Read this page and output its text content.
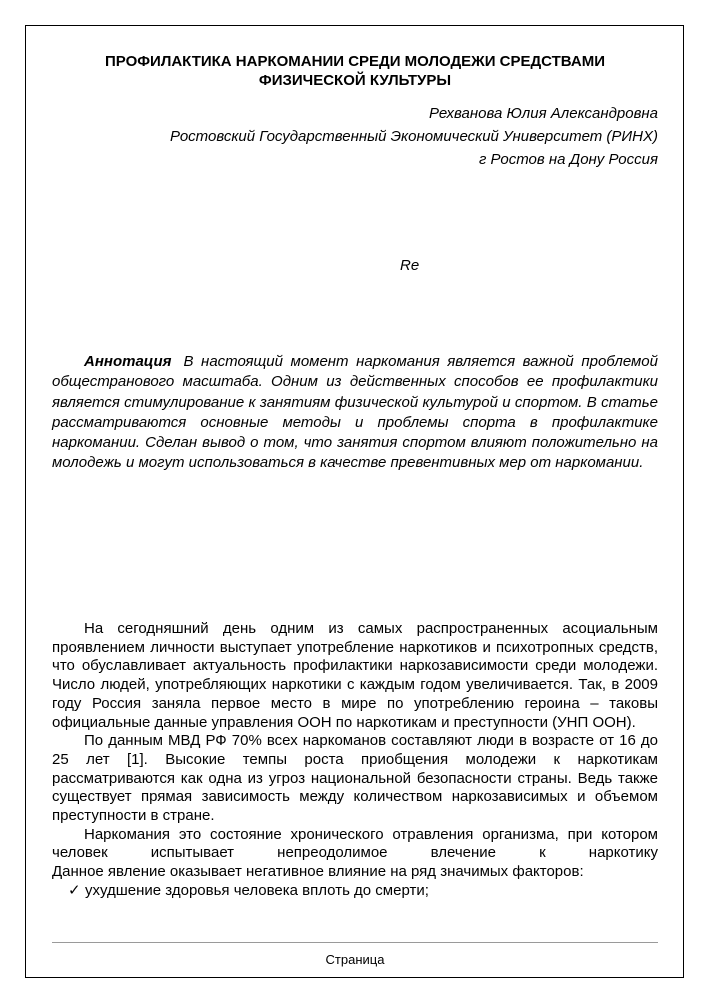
ПРОФИЛАКТИКА НАРКОМАНИИ СРЕДИ МОЛОДЕЖИ СРЕДСТВАМИ
ФИЗИЧЕСКОЙ КУЛЬТУРЫ
Рехванова Юлия Александровна
Ростовский Государственный Экономический Университет (РИНХ)
г Ростов на Дону Россия
Re

Аннотация В настоящий момент наркомания является важной проблемой общестранового масштаба. Одним из действенных способов ее профилактики является стимулирование к занятиям физической культурой и спортом. В статье рассматриваются основные методы и проблемы спорта в профилактике наркомании. Сделан вывод о том, что занятия спортом влияют положительно на молодежь и могут использоваться в качестве превентивных мер от наркомании.

На сегодняшний день одним из самых распространенных асоциальным проявлением личности выступает употребление наркотиков и психотропных средств, что обуславливает актуальность профилактики наркозависимости среди молодежи. Число людей, употребляющих наркотики с каждым годом увеличивается. Так, в 2009 году Россия заняла первое место в мире по употреблению героина – таковы официальные данные управления ООН по наркотикам и преступности (УНП ООН).

По данным МВД РФ 70% всех наркоманов составляют люди в возрасте от 16 до 25 лет [1]. Высокие темпы роста приобщения молодежи к наркотикам рассматриваются как одна из угроз национальной безопасности страны. Ведь также существует прямая зависимость между количеством наркозависимых и объемом преступности в стране.

Наркомания это состояние хронического отравления организма, при котором человек испытывает непреодолимое влечение к наркотику

Данное явление оказывает негативное влияние на ряд значимых факторов:

✓ ухудшение здоровья человека вплоть до смерти;
Страница
